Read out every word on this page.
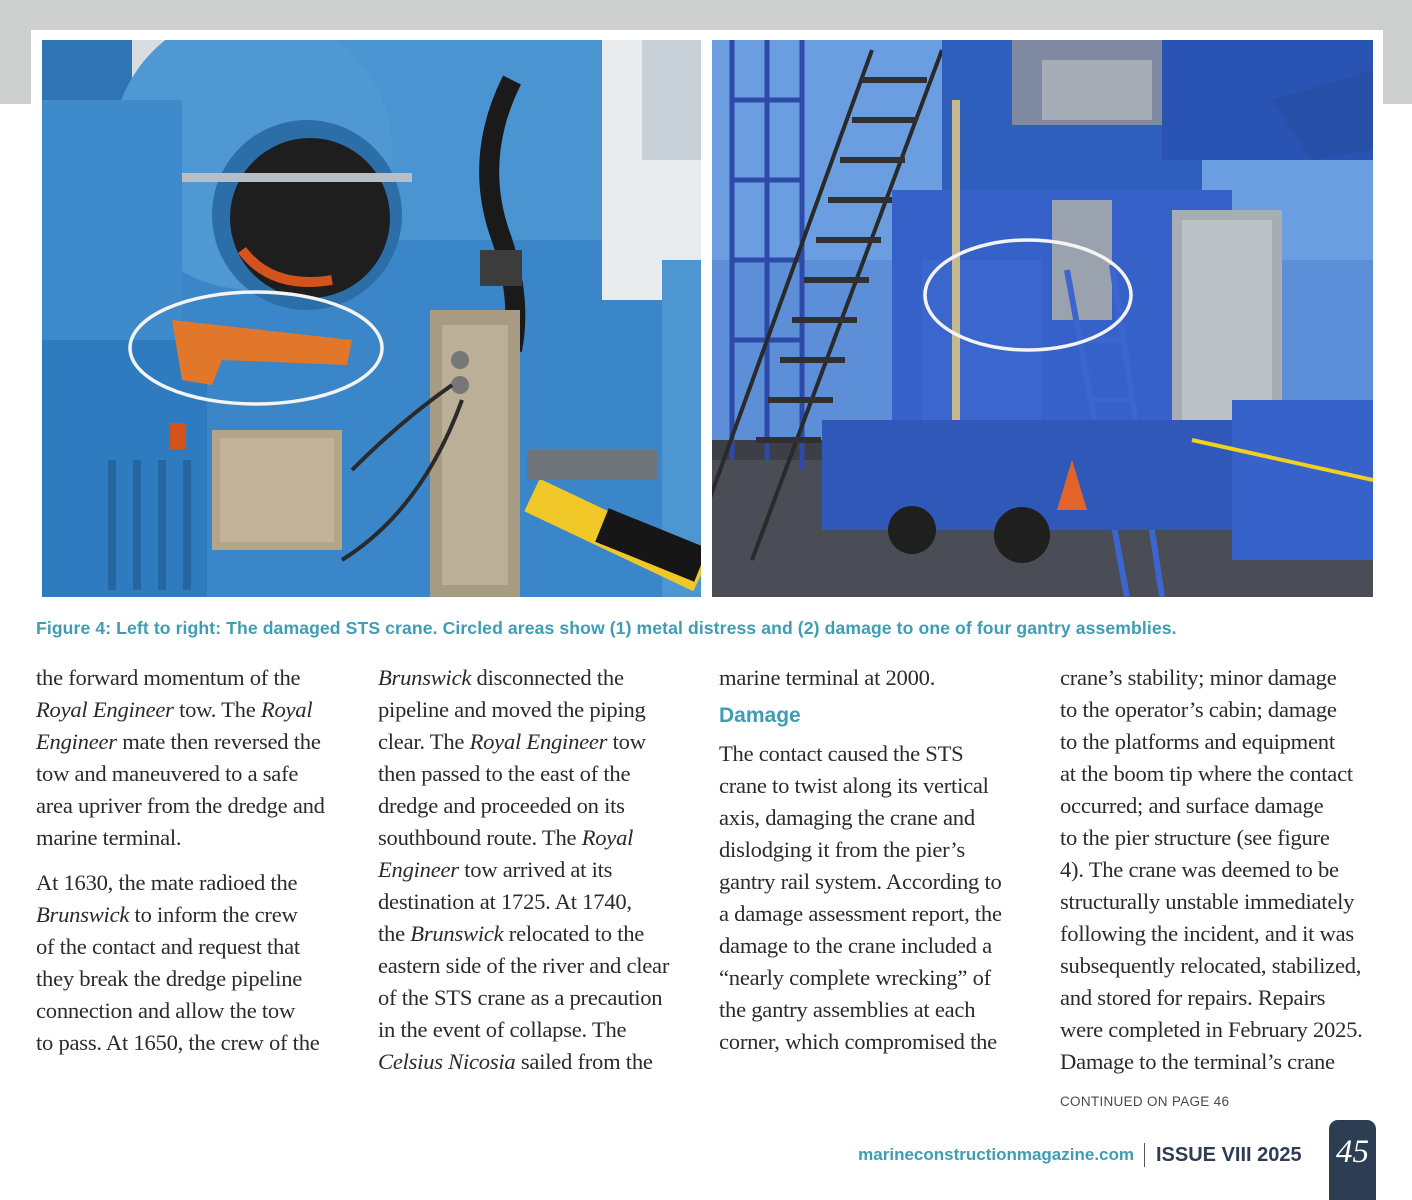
Figure 4: Left to right: The damaged STS crane. Circled areas show (1) metal distress and (2) damage to one of four gantry assemblies.
the forward momentum of the
Royal Engineer tow. The Royal
Engineer mate then reversed the
tow and maneuvered to a safe
area upriver from the dredge and
marine terminal.
At 1630, the mate radioed the
Brunswick to inform the crew
of the contact and request that
they break the dredge pipeline
connection and allow the tow
to pass. At 1650, the crew of the
Brunswick disconnected the
pipeline and moved the piping
clear. The Royal Engineer tow
then passed to the east of the
dredge and proceeded on its
southbound route. The Royal
Engineer tow arrived at its
destination at 1725. At 1740,
the Brunswick relocated to the
eastern side of the river and clear
of the STS crane as a precaution
in the event of collapse. The
Celsius Nicosia sailed from the
marine terminal at 2000.
Damage
The contact caused the STS
crane to twist along its vertical
axis, damaging the crane and
dislodging it from the pier’s
gantry rail system. According to
a damage assessment report, the
damage to the crane included a
“nearly complete wrecking” of
the gantry assemblies at each
corner, which compromised the
crane’s stability; minor damage
to the operator’s cabin; damage
to the platforms and equipment
at the boom tip where the contact
occurred; and surface damage
to the pier structure (see figure
4). The crane was deemed to be
structurally unstable immediately
following the incident, and it was
subsequently relocated, stabilized,
and stored for repairs. Repairs
were completed in February 2025.
Damage to the terminal’s crane
CONTINUED ON PAGE 46
marineconstructionmagazine.com ISSUE VIII 2025 45
